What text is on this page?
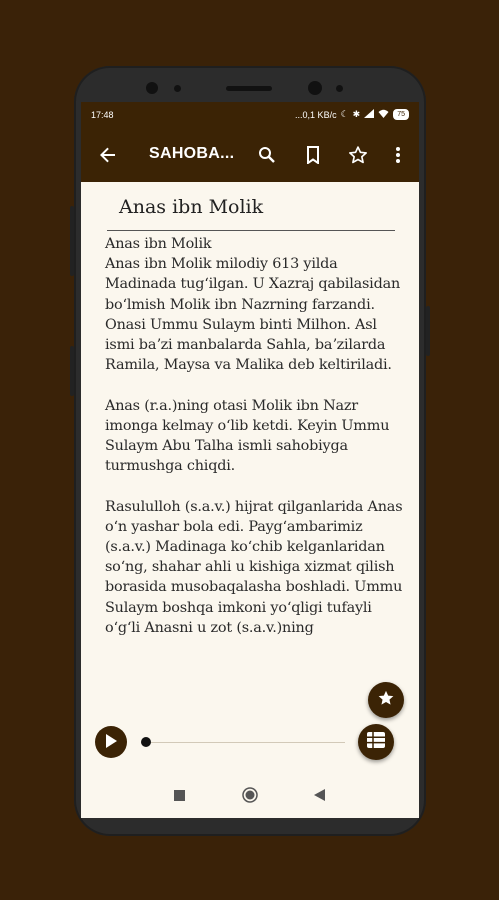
17:48	...0,1 KB/c ☾ ✱	75
SAHOBA...
Anas ibn Molik
Anas ibn Molik
Anas ibn Molik milodiy 613 yilda Madinada tugʻilgan. U Xazraj qabilasidan boʻlmish Molik ibn Nazrning farzandi. Onasi Ummu Sulaym binti Milhon. Asl ismi baʼzi manbalarda Sahla, baʼzilarda Ramila, Maysa va Malika deb keltiriladi.

Anas (r.a.)ning otasi Molik ibn Nazr imonga kelmay oʻlib ketdi. Keyin Ummu Sulaym Abu Talha ismli sahobiyga turmushga chiqdi.

Rasululloh (s.a.v.) hijrat qilganlarida Anas oʻn yashar bola edi. Paygʻambarimiz (s.a.v.) Madinaga koʻchib kelganlaridan soʻng, shahar ahli u kishiga xizmat qilish borasida musobaqalasha boshladi. Ummu Sulaym boshqa imkoni yoʻqligi tufayli oʻgʻli Anasni u zot (s.a.v.)ning
